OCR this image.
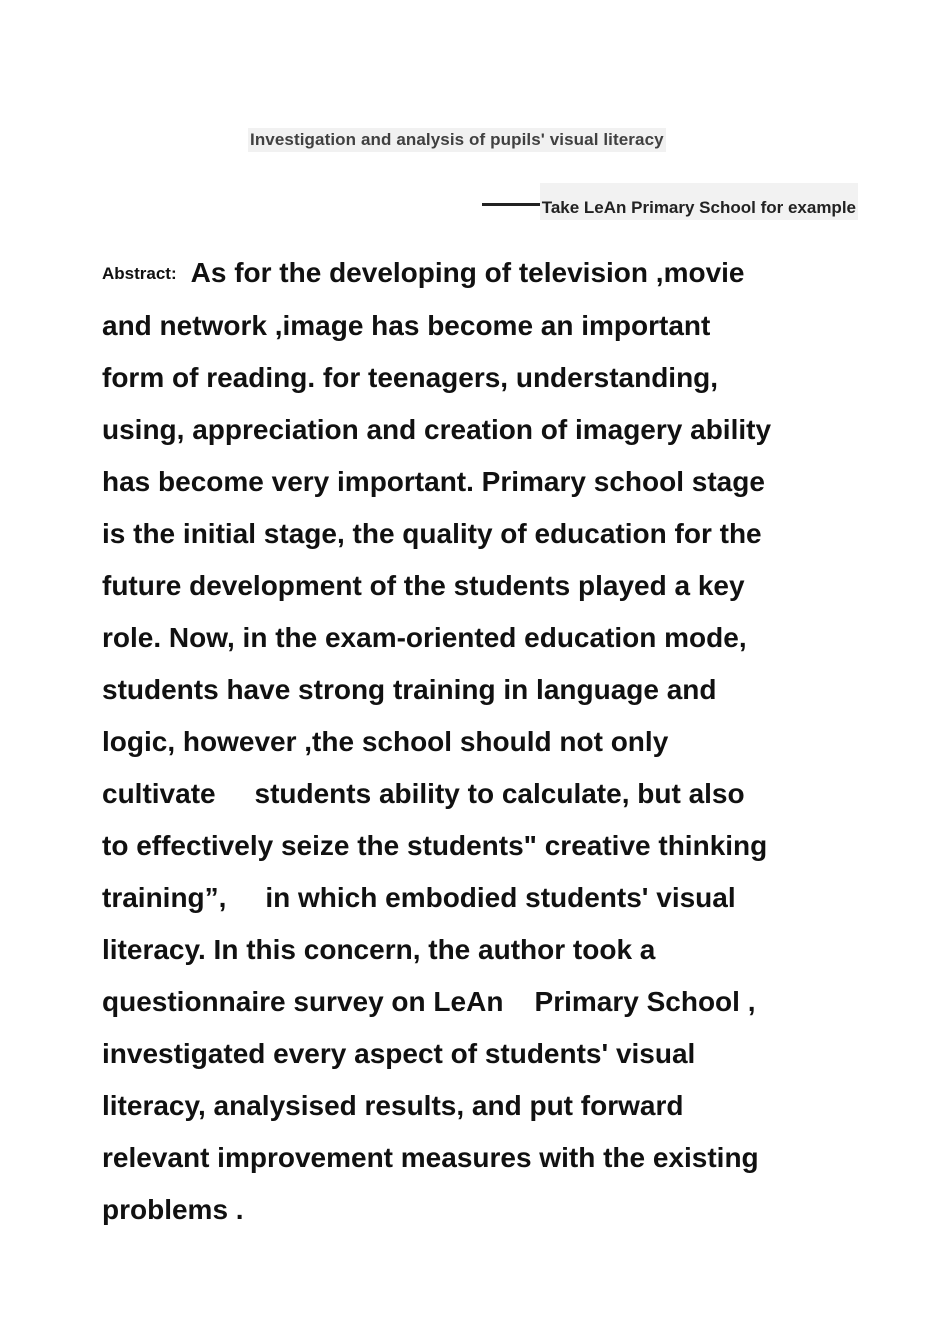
Investigation and analysis of pupils' visual literacy
Take LeAn Primary School for example
Abstract: As for the developing of television ,movie
and network ,image has become an important
form of reading. for teenagers, understanding,
using, appreciation and creation of imagery ability
has become very important. Primary school stage
is the initial stage, the quality of education for the
future development of the students played a key
role. Now, in the exam-oriented education mode,
students have strong training in language and
logic, however ,the school should not only
cultivate     students ability to calculate, but also
to effectively seize the students" creative thinking
training”,     in which embodied students' visual
literacy. In this concern, the author took a
questionnaire survey on LeAn    Primary School ,
investigated every aspect of students' visual
literacy, analysised results, and put forward
relevant improvement measures with the existing
problems .
